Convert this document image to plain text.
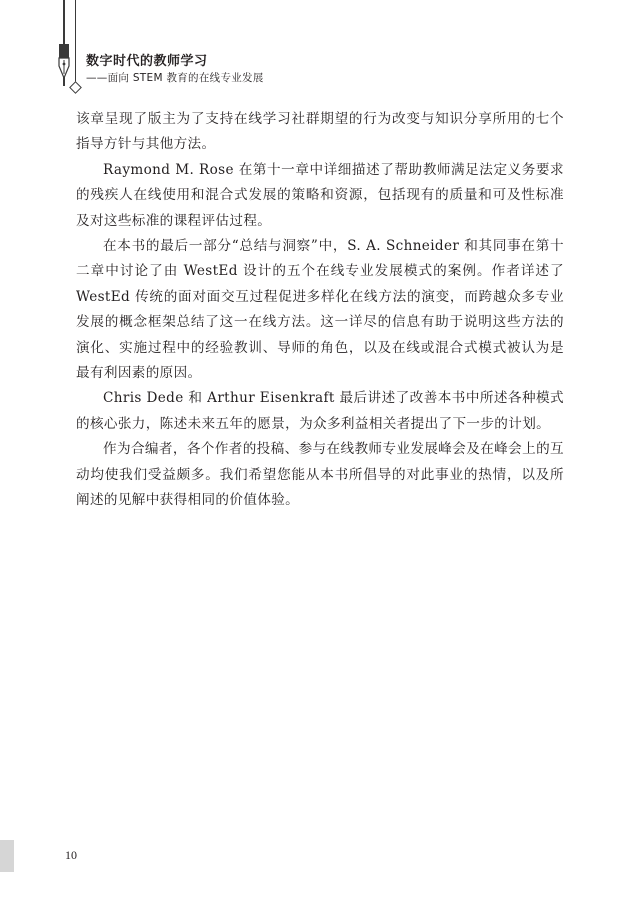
数字时代的教师学习
——面向 STEM 教育的在线专业发展

该章呈现了版主为了支持在线学习社群期望的行为改变与知识分享所用的七个指导方针与其他方法。

Raymond M. Rose 在第十一章中详细描述了帮助教师满足法定义务要求的残疾人在线使用和混合式发展的策略和资源，包括现有的质量和可及性标准及对这些标准的课程评估过程。

在本书的最后一部分“总结与洞察”中，S. A. Schneider 和其同事在第十二章中讨论了由 WestEd 设计的五个在线专业发展模式的案例。作者详述了 WestEd 传统的面对面交互过程促进多样化在线方法的演变，而跨越众多专业发展的概念框架总结了这一在线方法。这一详尽的信息有助于说明这些方法的演化、实施过程中的经验教训、导师的角色，以及在线或混合式模式被认为是最有利因素的原因。

Chris Dede 和 Arthur Eisenkraft 最后讲述了改善本书中所述各种模式的核心张力，陈述未来五年的愿景，为众多利益相关者提出了下一步的计划。

作为合编者，各个作者的投稿、参与在线教师专业发展峰会及在峰会上的互动均使我们受益颇多。我们希望您能从本书所倡导的对此事业的热情，以及所阐述的见解中获得相同的价值体验。

10
